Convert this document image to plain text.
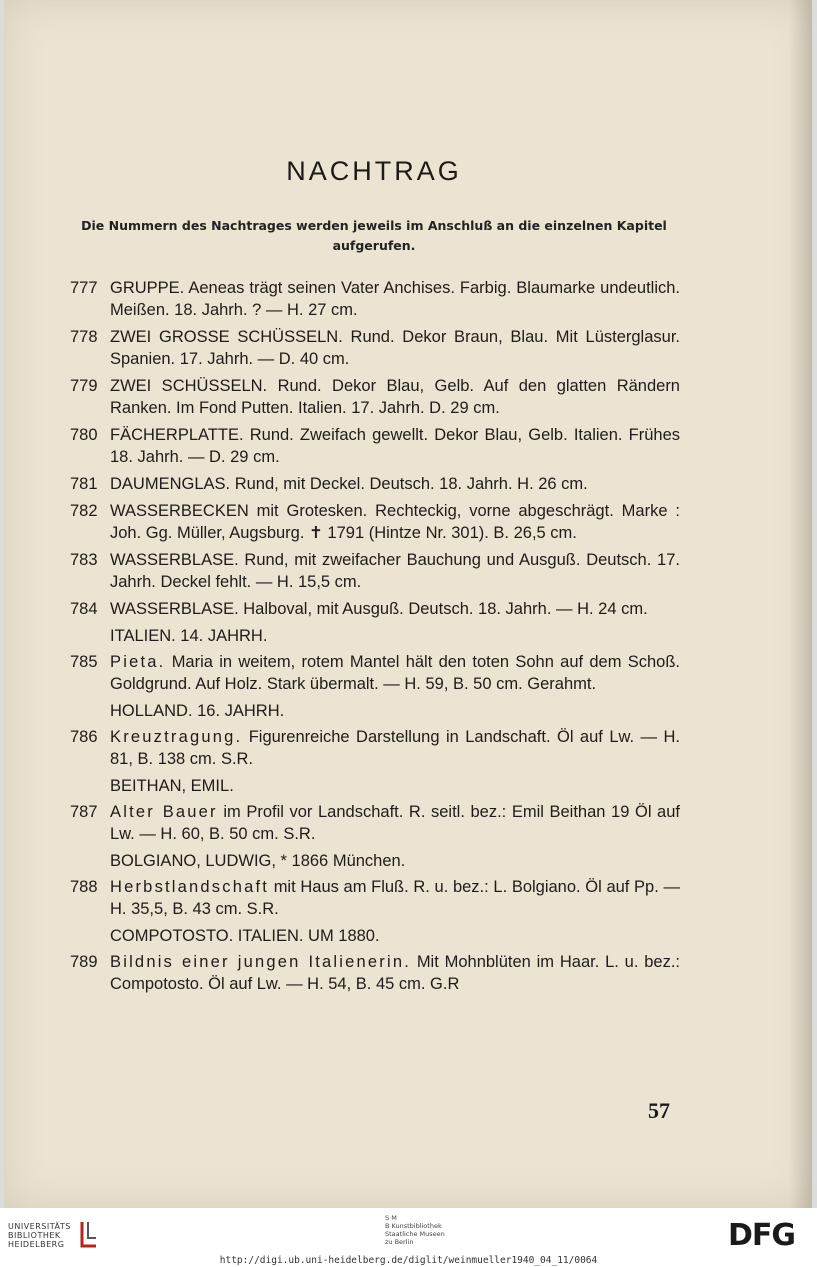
NACHTRAG
Die Nummern des Nachtrages werden jeweils im Anschluß an die einzelnen Kapitel aufgerufen.
777 GRUPPE. Aeneas trägt seinen Vater Anchises. Farbig. Blaumarke undeutlich. Meißen. 18. Jahrh. ? — H. 27 cm.
778 ZWEI GROSSE SCHÜSSELN. Rund. Dekor Braun, Blau. Mit Lüsterglasur. Spanien. 17. Jahrh. — D. 40 cm.
779 ZWEI SCHÜSSELN. Rund. Dekor Blau, Gelb. Auf den glatten Rändern Ranken. Im Fond Putten. Italien. 17. Jahrh. D. 29 cm.
780 FÄCHERPLATTE. Rund. Zweifach gewellt. Dekor Blau, Gelb. Italien. Frühes 18. Jahrh. — D. 29 cm.
781 DAUMENGLAS. Rund, mit Deckel. Deutsch. 18. Jahrh. H. 26 cm.
782 WASSERBECKEN mit Grotesken. Rechteckig, vorne abgeschrägt. Marke : Joh. Gg. Müller, Augsburg. ✝ 1791 (Hintze Nr. 301). B. 26,5 cm.
783 WASSERBLASE. Rund, mit zweifacher Bauchung und Ausguß. Deutsch. 17. Jahrh. Deckel fehlt. — H. 15,5 cm.
784 WASSERBLASE. Halboval, mit Ausguß. Deutsch. 18. Jahrh. — H. 24 cm.
ITALIEN. 14. JAHRH.
785 Pieta. Maria in weitem, rotem Mantel hält den toten Sohn auf dem Schoß. Goldgrund. Auf Holz. Stark übermalt. — H. 59, B. 50 cm. Gerahmt.
HOLLAND. 16. JAHRH.
786 Kreuztragung. Figurenreiche Darstellung in Landschaft. Öl auf Lw. — H. 81, B. 138 cm. S.R.
BEITHAN, EMIL.
787 Alter Bauer im Profil vor Landschaft. R. seitl. bez.: Emil Beithan 19 Öl auf Lw. — H. 60, B. 50 cm. S.R.
BOLGIANO, LUDWIG, * 1866 München.
788 Herbstlandschaft mit Haus am Fluß. R. u. bez.: L. Bolgiano. Öl auf Pp. — H. 35,5, B. 43 cm. S.R.
COMPOTOSTO. ITALIEN. UM 1880.
789 Bildnis einer jungen Italienerin. Mit Mohnblüten im Haar. L. u. bez.: Compotosto. Öl auf Lw. — H. 54, B. 45 cm. G.R
57
UNIVERSITÄTS
BIBLIOTHEK
HEIDELBERG
S M
B Kunstbibliothek
Staatliche Museen
zu Berlin	DFG
http://digi.ub.uni-heidelberg.de/diglit/weinmueller1940_04_11/0064
